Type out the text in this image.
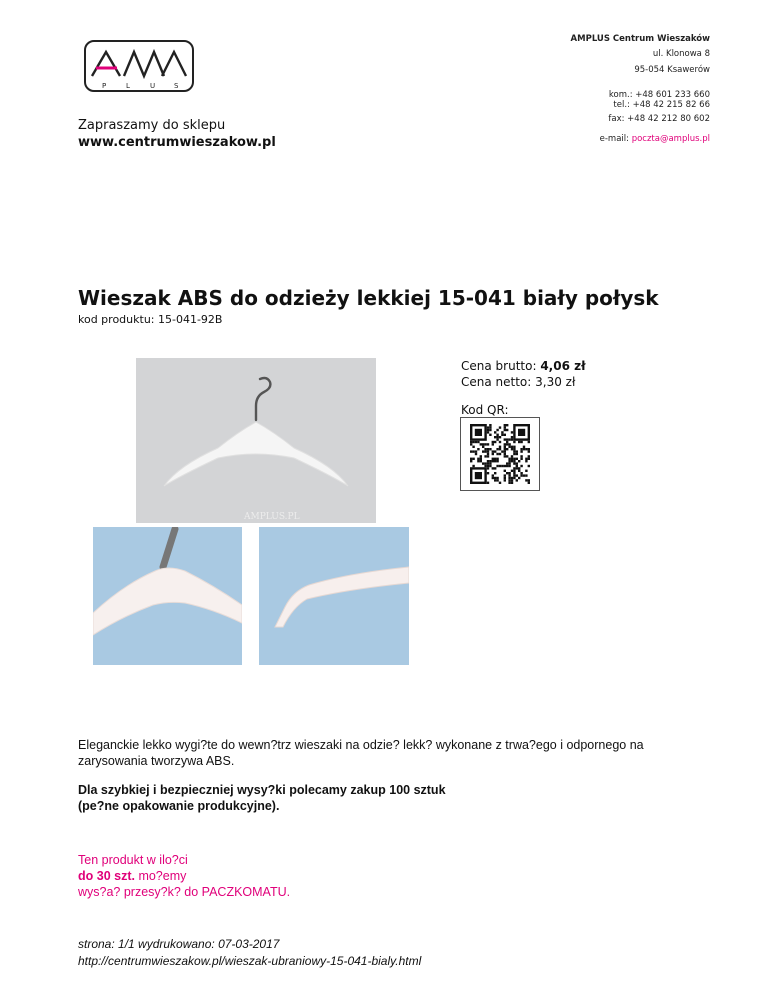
P	L	U	S
AMPLUS Centrum Wieszaków
ul. Klonowa 8
95-054 Ksawerów
kom.: +48 601 233 660
tel.: +48 42 215 82 66
fax: +48 42 212 80 602
e-mail: poczta@amplus.pl
Zapraszamy do sklepu
www.centrumwieszakow.pl
Wieszak ABS do odzieży lekkiej 15-041 biały połysk
kod produktu: 15-041-92B
AMPLUS.PL
Cena brutto: 4,06 zł
Cena netto: 3,30 zł
Kod QR:
Eleganckie lekko wygi?te do wewn?trz wieszaki na odzie? lekk? wykonane z trwa?ego i odpornego na zarysowania tworzywa ABS.
Dla szybkiej i bezpieczniej wysy?ki polecamy zakup 100 sztuk
(pe?ne opakowanie produkcyjne).
Ten produkt w ilo?ci
do 30 szt. mo?emy
wys?a? przesy?k? do PACZKOMATU.
strona: 1/1 wydrukowano: 07-03-2017
http://centrumwieszakow.pl/wieszak-ubraniowy-15-041-bialy.html
